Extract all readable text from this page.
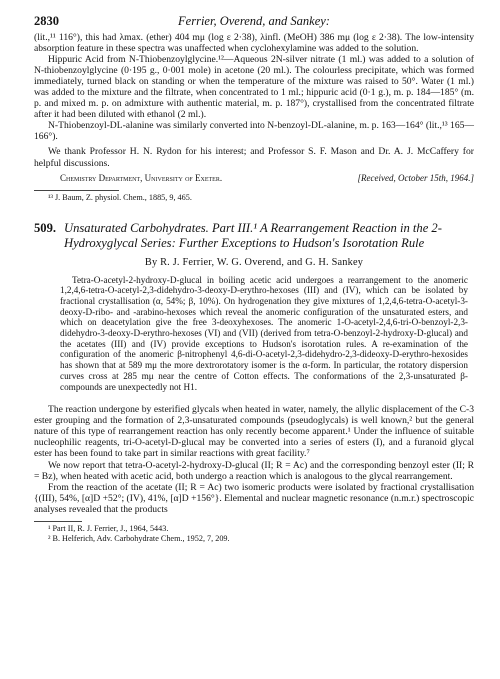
2830	Ferrier, Overend, and Sankey:

(lit.,¹¹ 116°), this had λmax. (ether) 404 mμ (log ε 2·38), λinfl. (MeOH) 386 mμ (log ε 2·38). The low-intensity absorption feature in these spectra was unaffected when cyclohexylamine was added to the solution.

Hippuric Acid from N-Thiobenzoylglycine.¹²—Aqueous 2N-silver nitrate (1 ml.) was added to a solution of N-thiobenzoylglycine (0·195 g., 0·001 mole) in acetone (20 ml.). The colourless precipitate, which was formed immediately, turned black on standing or when the temperature of the mixture was raised to 50°. Water (1 ml.) was added to the mixture and the filtrate, when concentrated to 1 ml.; hippuric acid (0·1 g.), m. p. 184—185° (m. p. and mixed m. p. on admixture with authentic material, m. p. 187°), crystallised from the concentrated filtrate after it had been diluted with ethanol (2 ml.).

N-Thiobenzoyl-DL-alanine was similarly converted into N-benzoyl-DL-alanine, m. p. 163—164° (lit.,¹³ 165—166°).

We thank Professor H. N. Rydon for his interest; and Professor S. F. Mason and Dr. A. J. McCaffery for helpful discussions.

Chemistry Department, University of Exeter.	[Received, October 15th, 1964.]

¹³ J. Baum, Z. physiol. Chem., 1885, 9, 465.

509. Unsaturated Carbohydrates. Part III.¹ A Rearrangement Reaction in the 2-Hydroxyglycal Series: Further Exceptions to Hudson's Isorotation Rule

By R. J. Ferrier, W. G. Overend, and G. H. Sankey

Tetra-O-acetyl-2-hydroxy-D-glucal in boiling acetic acid undergoes a rearrangement to the anomeric 1,2,4,6-tetra-O-acetyl-2,3-didehydro-3-deoxy-D-erythro-hexoses (III) and (IV), which can be isolated by fractional crystallisation (α, 54%; β, 10%). On hydrogenation they give mixtures of 1,2,4,6-tetra-O-acetyl-3-deoxy-D-ribo- and -arabino-hexoses which reveal the anomeric configuration of the unsaturated esters, and which on deacetylation give the free 3-deoxyhexoses. The anomeric 1-O-acetyl-2,4,6-tri-O-benzoyl-2,3-didehydro-3-deoxy-D-erythro-hexoses (VI) and (VII) (derived from tetra-O-benzoyl-2-hydroxy-D-glucal) and the acetates (III) and (IV) provide exceptions to Hudson's isorotation rules. A re-examination of the configuration of the anomeric β-nitrophenyl 4,6-di-O-acetyl-2,3-didehydro-2,3-dideoxy-D-erythro-hexosides has shown that at 589 mμ the more dextrorotatory isomer is the α-form. In particular, the rotatory dispersion curves cross at 285 mμ near the centre of Cotton effects. The conformations of the 2,3-unsaturated β-compounds are unexpectedly not H1.

The reaction undergone by esterified glycals when heated in water, namely, the allylic displacement of the C-3 ester grouping and the formation of 2,3-unsaturated compounds (pseudoglycals) is well known,² but the general nature of this type of rearrangement reaction has only recently become apparent.¹ Under the influence of suitable nucleophilic reagents, tri-O-acetyl-D-glucal may be converted into a series of esters (I), and a furanoid glycal ester has been found to take part in similar reactions with great facility.⁷

We now report that tetra-O-acetyl-2-hydroxy-D-glucal (II; R = Ac) and the corresponding benzoyl ester (II; R = Bz), when heated with acetic acid, both undergo a reaction which is analogous to the glycal rearrangement.

From the reaction of the acetate (II; R = Ac) two isomeric products were isolated by fractional crystallisation {(III), 54%, [α]D +52°; (IV), 41%, [α]D +156°}. Elemental and nuclear magnetic resonance (n.m.r.) spectroscopic analyses revealed that the products

¹ Part II, R. J. Ferrier, J., 1964, 5443.

² B. Helferich, Adv. Carbohydrate Chem., 1952, 7, 209.
